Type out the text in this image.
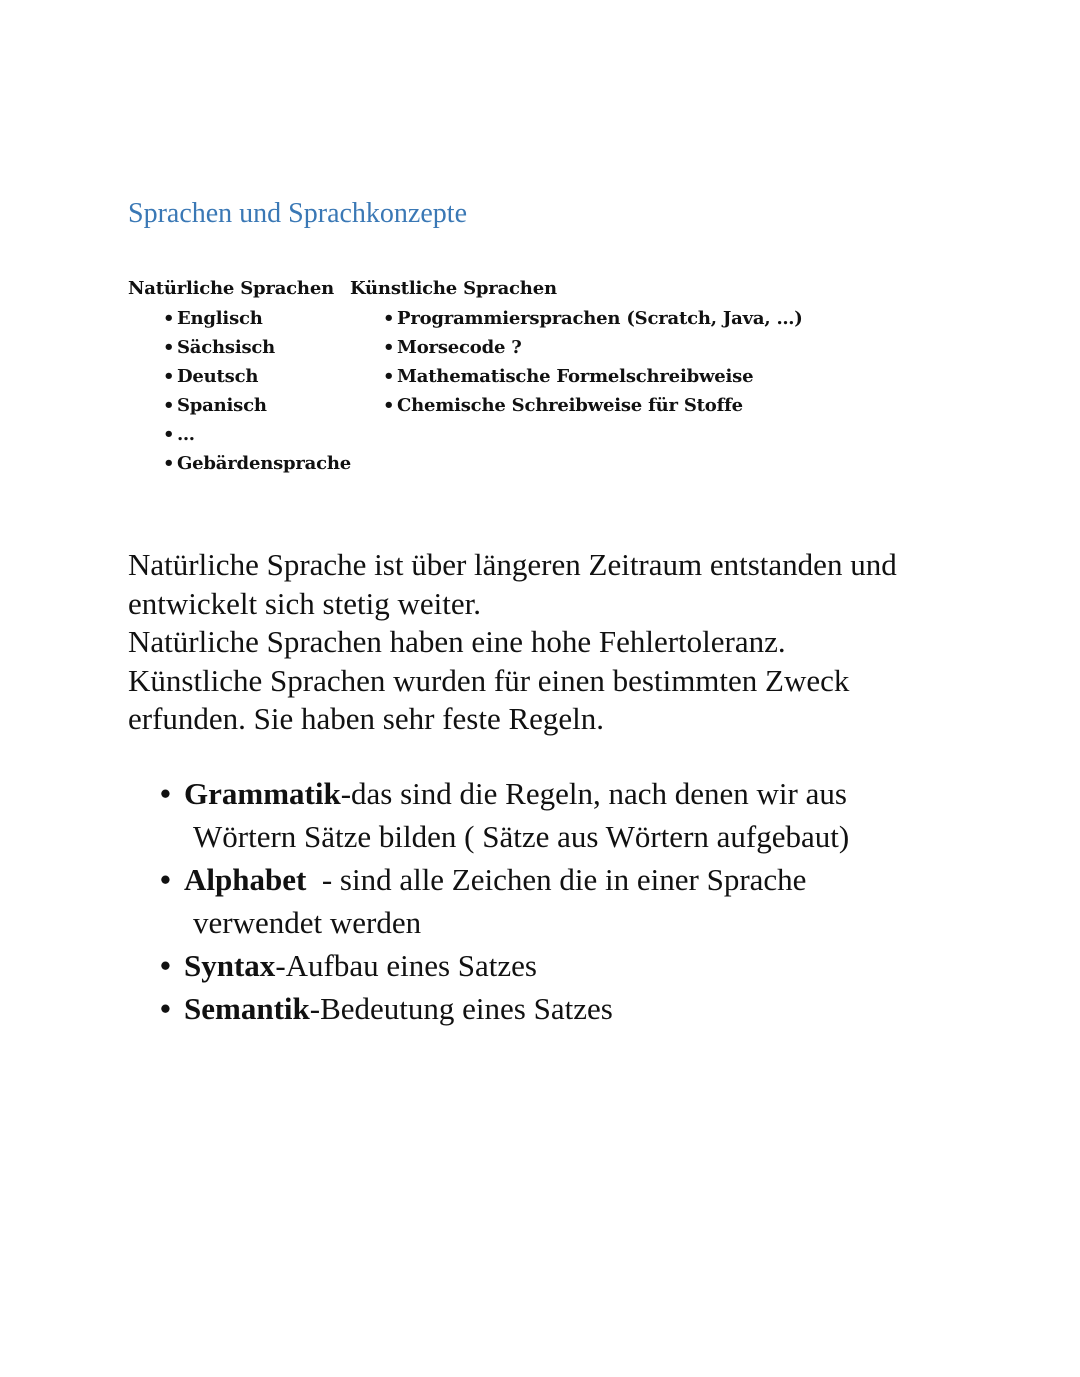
Sprachen und Sprachkonzepte
Natürliche Sprachen
• Englisch
• Sächsisch
• Deutsch
• Spanisch
• …
• Gebärdensprache
Künstliche Sprachen
• Programmiersprachen (Scratch, Java, …)
• Morsecode ?
• Mathematische Formelschreibweise
• Chemische Schreibweise für Stoffe

Natürliche Sprache ist über längeren Zeitraum entstanden und

entwickelt sich stetig weiter.

Natürliche Sprachen haben eine hohe Fehlertoleranz.

Künstliche Sprachen wurden für einen bestimmten Zweck

erfunden. Sie haben sehr feste Regeln.

• Grammatik-das sind die Regeln, nach denen wir aus
Wörtern Sätze bilden ( Sätze aus Wörtern aufgebaut)
• Alphabet  - sind alle Zeichen die in einer Sprache
verwendet werden
• Syntax-Aufbau eines Satzes
• Semantik-Bedeutung eines Satzes
